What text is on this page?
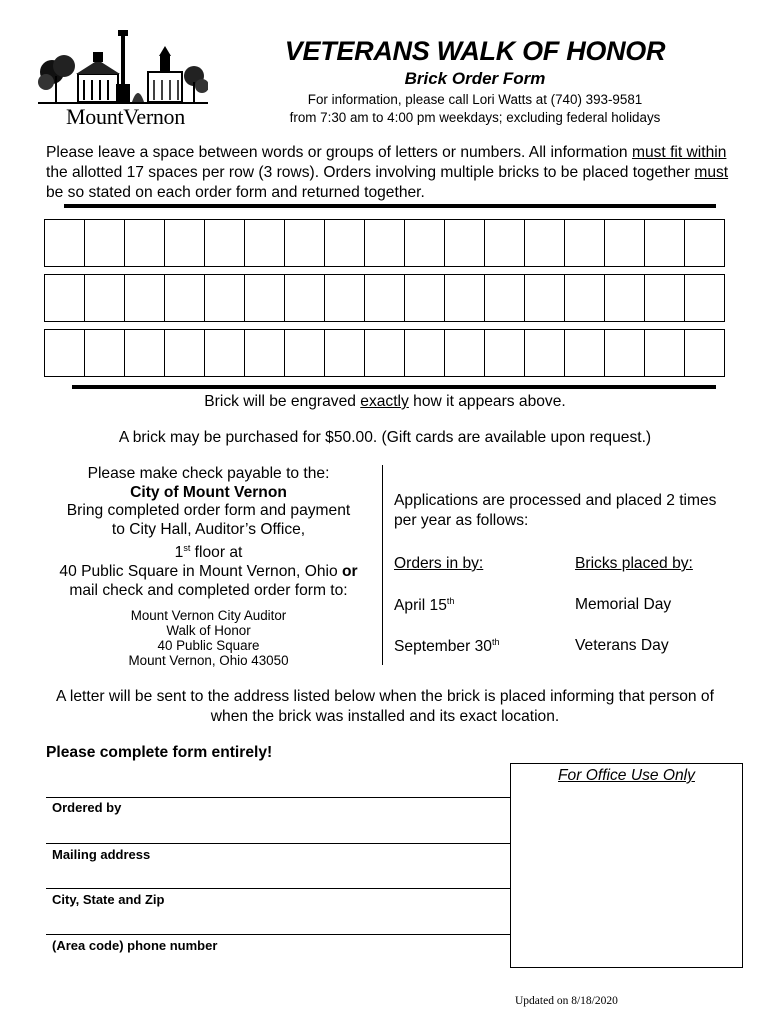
MountVernon
VETERANS WALK OF HONOR
Brick Order Form
For information, please call Lori Watts at (740) 393-9581
from 7:30 am to 4:00 pm weekdays; excluding federal holidays
Please leave a space between words or groups of letters or numbers. All information must fit within the allotted 17 spaces per row (3 rows). Orders involving multiple bricks to be placed together must be so stated on each order form and returned together.
Brick will be engraved exactly how it appears above.
A brick may be purchased for $50.00. (Gift cards are available upon request.)
Please make check payable to the:
City of Mount Vernon
Bring completed order form and payment
to City Hall, Auditor’s Office,
1st floor at
40 Public Square in Mount Vernon, Ohio or
mail check and completed order form to:
Mount Vernon City Auditor
Walk of Honor
40 Public Square
Mount Vernon, Ohio 43050
Applications are processed and placed 2 times per year as follows:
Orders in by:	Bricks placed by:
April 15th	Memorial Day
September 30th	Veterans Day
A letter will be sent to the address listed below when the brick is placed informing that person of when the brick was installed and its exact location.
Please complete form entirely!
For Office Use Only
Ordered by
Mailing address
City, State and Zip
(Area code) phone number
Updated on 8/18/2020
